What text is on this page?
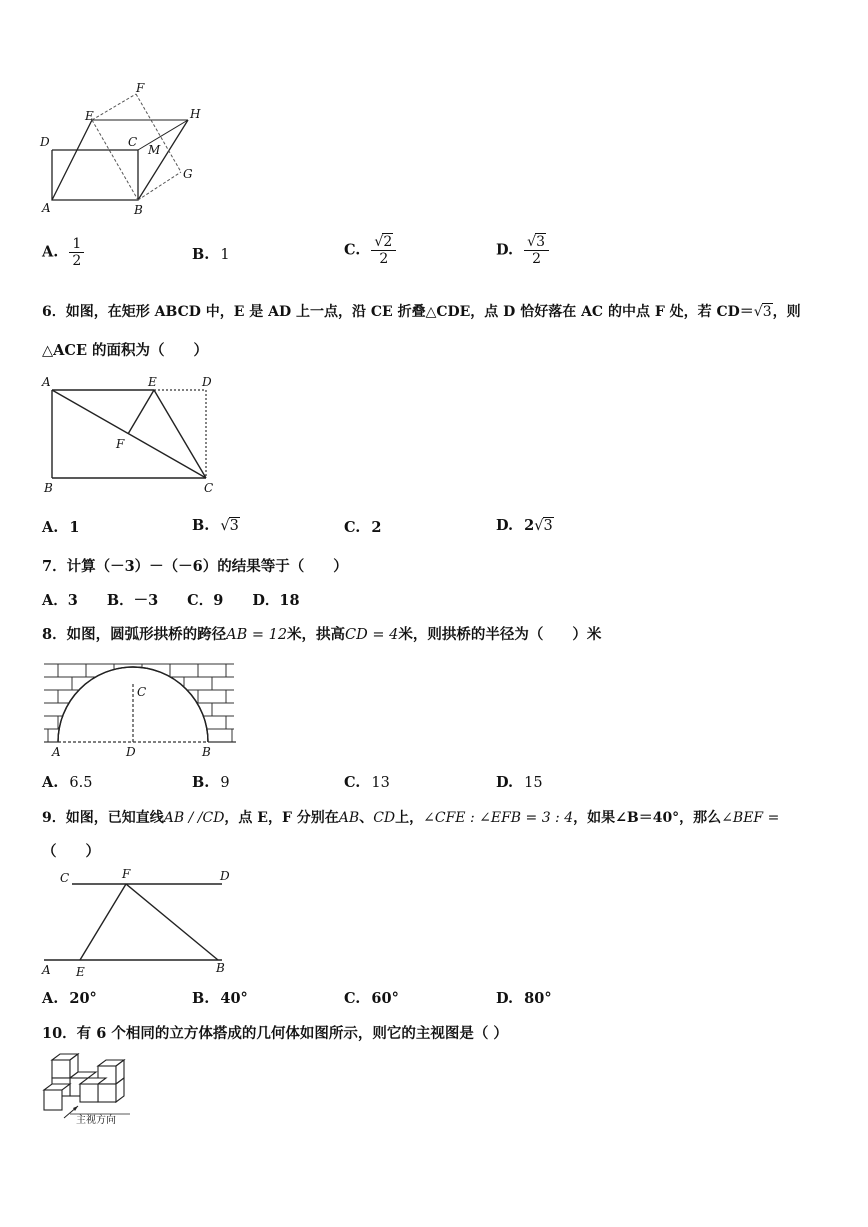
F
E	H
D	C
M
G
A	B
A. $\frac{1}{2}$	B. 1	C. $\frac{√2}{2}$	D. $\frac{√3}{2}$
6．如图，在矩形 ABCD 中，E 是 AD 上一点，沿 CE 折叠△CDE，点 D 恰好落在 AC 的中点 F 处，若 CD＝√3，则
△ACE 的面积为（　　）
A	E	D
F
B	C
A. 1	B. √3	C. 2	D. 2√3
7．计算（－3）－（－6）的结果等于（　　）
A．3　　B．－3　　C．9　　D．18
8．如图，圆弧形拱桥的跨径AB = 12米，拱高CD = 4米，则拱桥的半径为（　　）米
C
A	D	B
A. 6.5	B. 9	C. 13	D. 15
9．如图，已知直线AB / /CD，点 E，F 分别在AB、CD上，∠CFE : ∠EFB = 3 : 4，如果∠B＝40°，那么∠BEF =
（　　）
C	F	D
A E	B
A. 20°	B. 40°	C. 60°	D. 80°
10．有 6 个相同的立方体搭成的几何体如图所示，则它的主视图是（ ）
主视方向
